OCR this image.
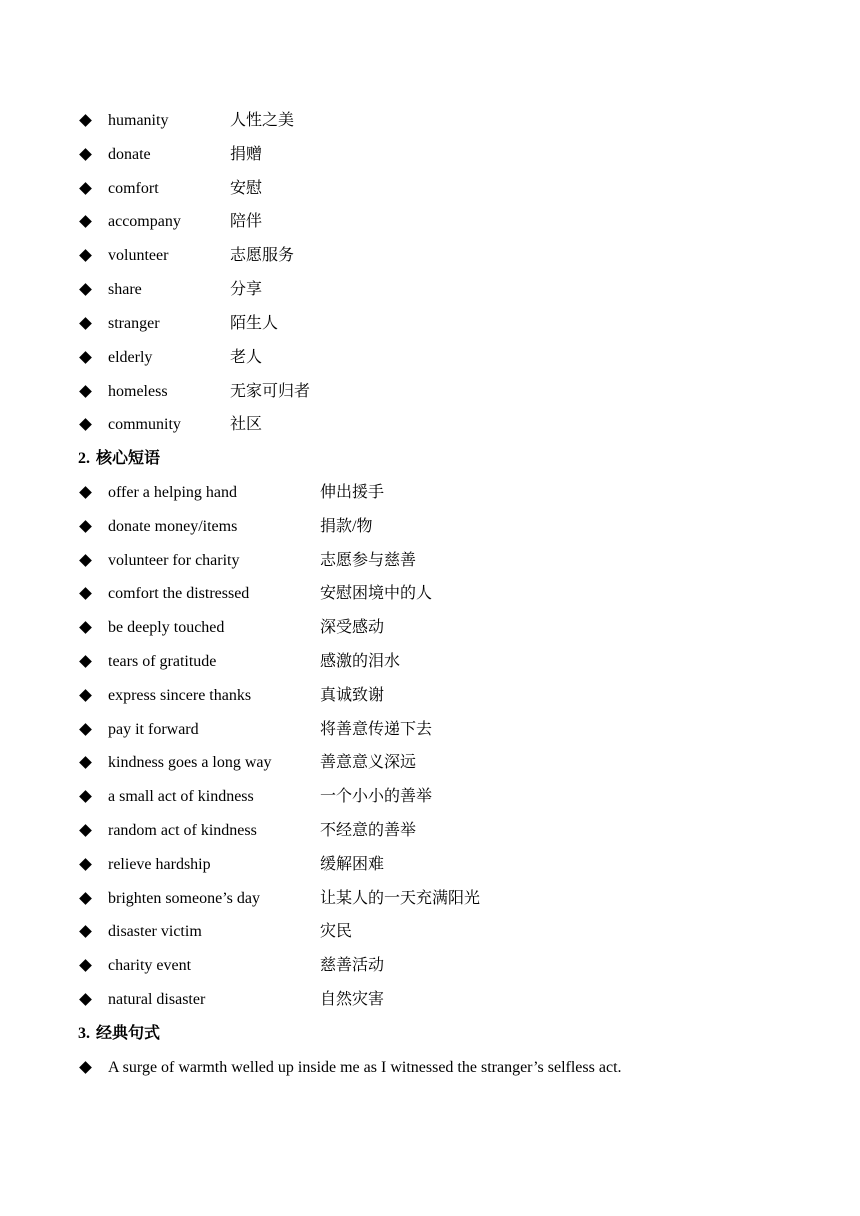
humanity	人性之美
donate	捐赠
comfort	安慰
accompany	陪伴
volunteer	志愿服务
share	分享
stranger	陌生人
elderly	老人
homeless	无家可归者
community	社区
2. 核心短语
offer a helping hand	伸出援手
donate money/items	捐款/物
volunteer for charity	志愿参与慈善
comfort the distressed	安慰困境中的人
be deeply touched	深受感动
tears of gratitude	感激的泪水
express sincere thanks	真诚致谢
pay it forward	将善意传递下去
kindness goes a long way	善意意义深远
a small act of kindness	一个小小的善举
random act of kindness	不经意的善举
relieve hardship	缓解困难
brighten someone’s day	让某人的一天充满阳光
disaster victim	灾民
charity event	慈善活动
natural disaster	自然灾害
3. 经典句式
A surge of warmth welled up inside me as I witnessed the stranger’s selfless act.
